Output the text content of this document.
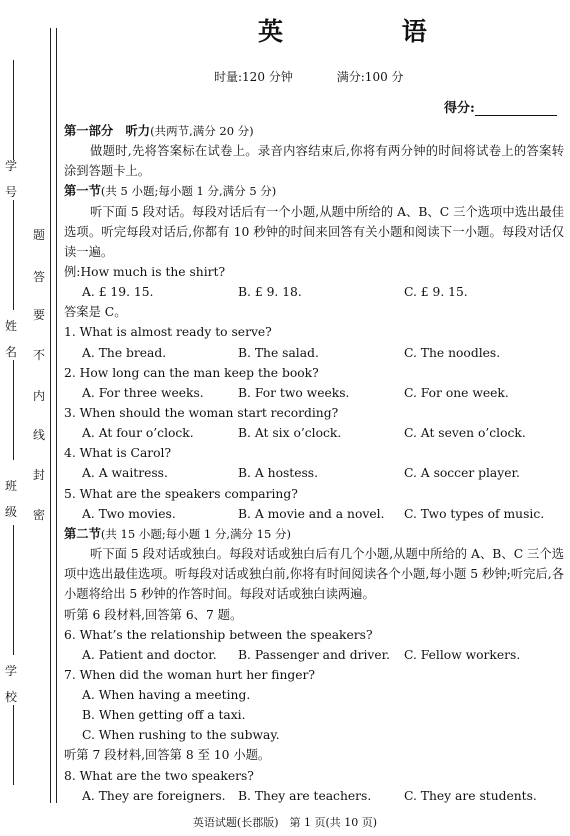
学

号
姓

名
班

级
学

校
题
答
要
不
内
线
封
密
英 语
时量:120 分钟	满分:100 分
得分:
第一部分　听力(共两节,满分 20 分)
做题时,先将答案标在试卷上。录音内容结束后,你将有两分钟的时间将试卷上的答案转涂到答题卡上。
第一节(共 5 小题;每小题 1 分,满分 5 分)
听下面 5 段对话。每段对话后有一个小题,从题中所给的 A、B、C 三个选项中选出最佳选项。听完每段对话后,你都有 10 秒钟的时间来回答有关小题和阅读下一小题。每段对话仅读一遍。
例:How much is the shirt?
A. £ 19. 15.	B. £ 9. 18.	C. £ 9. 15.
答案是 C。
1. What is almost ready to serve?
A. The bread.	B. The salad.	C. The noodles.
2. How long can the man keep the book?
A. For three weeks.	B. For two weeks.	C. For one week.
3. When should the woman start recording?
A. At four o’clock.	B. At six o’clock.	C. At seven o’clock.
4. What is Carol?
A. A waitress.	B. A hostess.	C. A soccer player.
5. What are the speakers comparing?
A. Two movies.	B. A movie and a novel. C. Two types of music.
第二节(共 15 小题;每小题 1 分,满分 15 分)
听下面 5 段对话或独白。每段对话或独白后有几个小题,从题中所给的 A、B、C 三个选项中选出最佳选项。听每段对话或独白前,你将有时间阅读各个小题,每小题 5 秒钟;听完后,各小题将给出 5 秒钟的作答时间。每段对话或独白读两遍。
听第 6 段材料,回答第 6、7 题。
6. What’s the relationship between the speakers?
A. Patient and doctor. B. Passenger and driver. C. Fellow workers.
7. When did the woman hurt her finger?
A. When having a meeting.
B. When getting off a taxi.
C. When rushing to the subway.
听第 7 段材料,回答第 8 至 10 小题。
8. What are the two speakers?
A. They are foreigners. B. They are teachers.	C. They are students.
英语试题(长郡版)　第 1 页(共 10 页)
